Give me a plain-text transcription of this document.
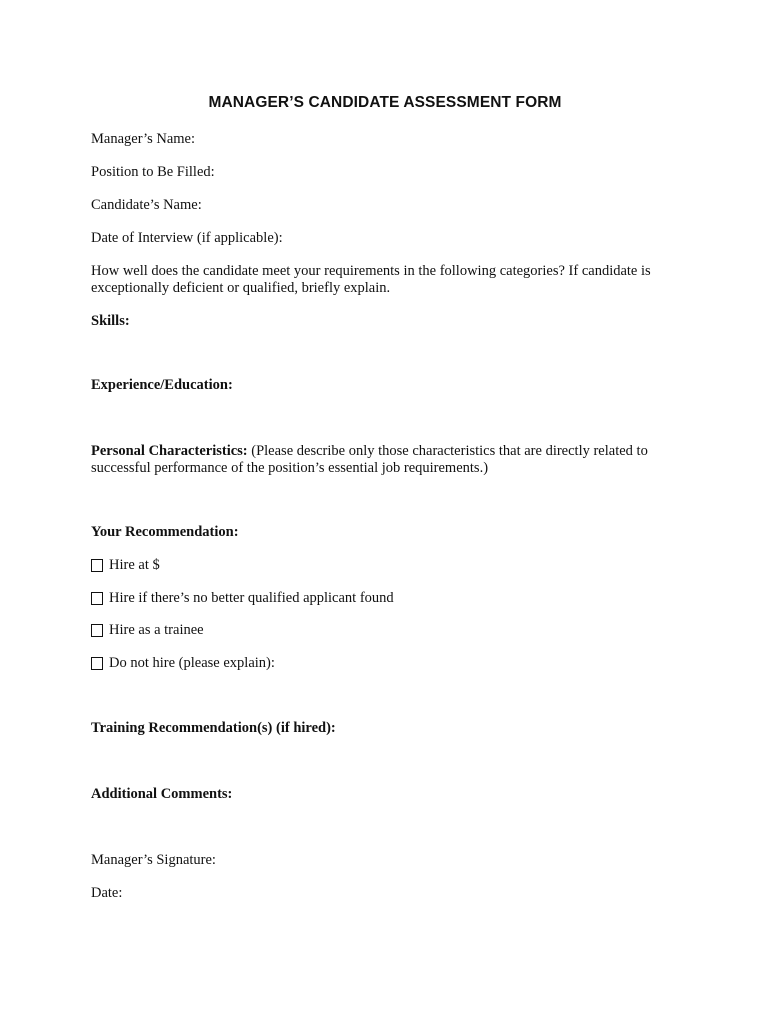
MANAGER’S CANDIDATE ASSESSMENT FORM
Manager’s Name:
Position to Be Filled:
Candidate’s Name:
Date of Interview (if applicable):
How well does the candidate meet your requirements in the following categories? If candidate is
exceptionally deficient or qualified, briefly explain.
Skills:
Experience/Education:
Personal Characteristics: (Please describe only those characteristics that are directly related to
successful performance of the position’s essential job requirements.)
Your Recommendation:
Hire at $
Hire if there’s no better qualified applicant found
Hire as a trainee
Do not hire (please explain):
Training Recommendation(s) (if hired):
Additional Comments:
Manager’s Signature:
Date:
